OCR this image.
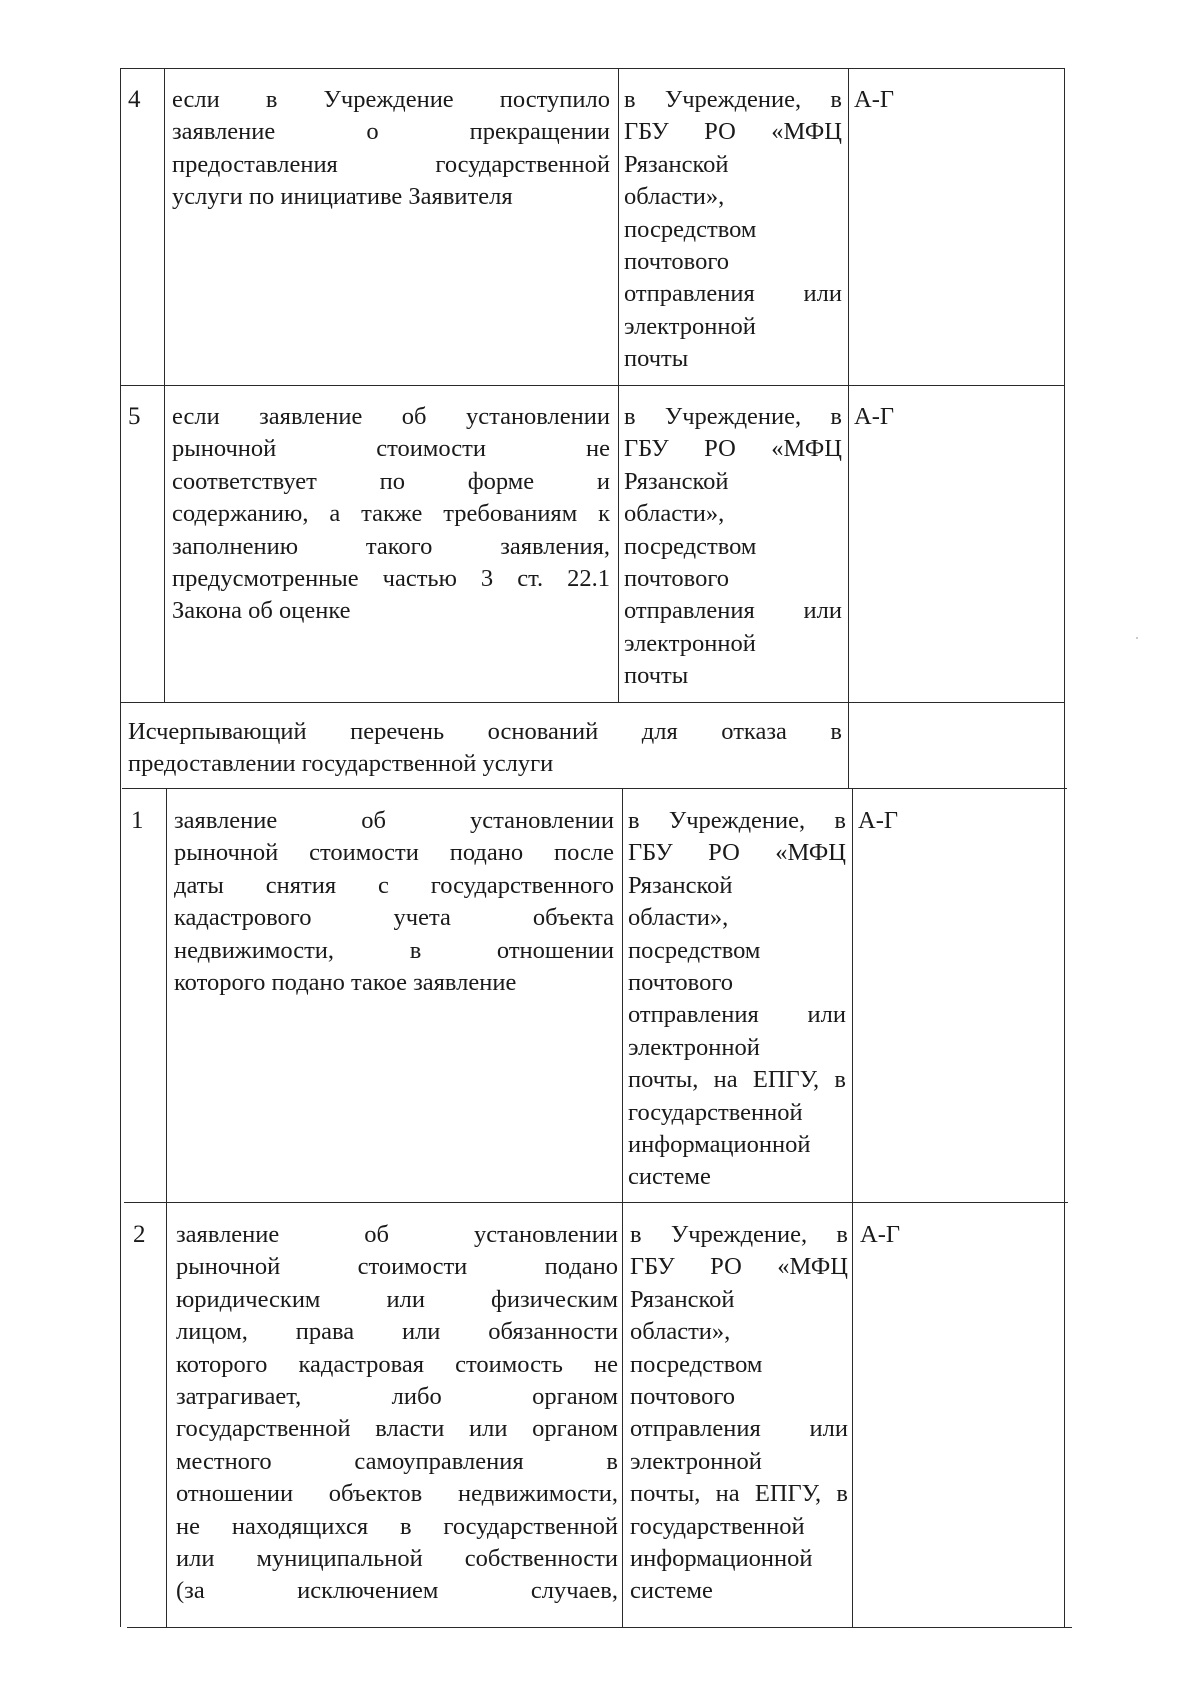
4 если в Учреждение поступило
заявление о прекращении
предоставления государственной
услуги по инициативе Заявителя
в Учреждение, в
ГБУ РО «МФЦ
Рязанской
области»,
посредством
почтового
отправления или
электронной
почты
А-Г
5 если заявление об установлении
рыночной стоимости не
соответствует по форме и
содержанию, а также требованиям к
заполнению такого заявления,
предусмотренные частью 3 ст. 22.1
Закона об оценке
в Учреждение, в
ГБУ РО «МФЦ
Рязанской
области»,
посредством
почтового
отправления или
электронной
почты
А-Г
Исчерпывающий перечень оснований для отказа в
предоставлении государственной услуги
1 заявление об установлении
рыночной стоимости подано после
даты снятия с государственного
кадастрового учета объекта
недвижимости, в отношении
которого подано такое заявление
в Учреждение, в
ГБУ РО «МФЦ
Рязанской
области»,
посредством
почтового
отправления или
электронной
почты, на ЕПГУ, в
государственной
информационной
системе
А-Г
2 заявление об установлении
рыночной стоимости подано
юридическим или физическим
лицом, права или обязанности
которого кадастровая стоимость не
затрагивает, либо органом
государственной власти или органом
местного самоуправления в
отношении объектов недвижимости,
не находящихся в государственной
или муниципальной собственности
(за исключением случаев,
в Учреждение, в
ГБУ РО «МФЦ
Рязанской
области»,
посредством
почтового
отправления или
электронной
почты, на ЕПГУ, в
государственной
информационной
системе
А-Г
